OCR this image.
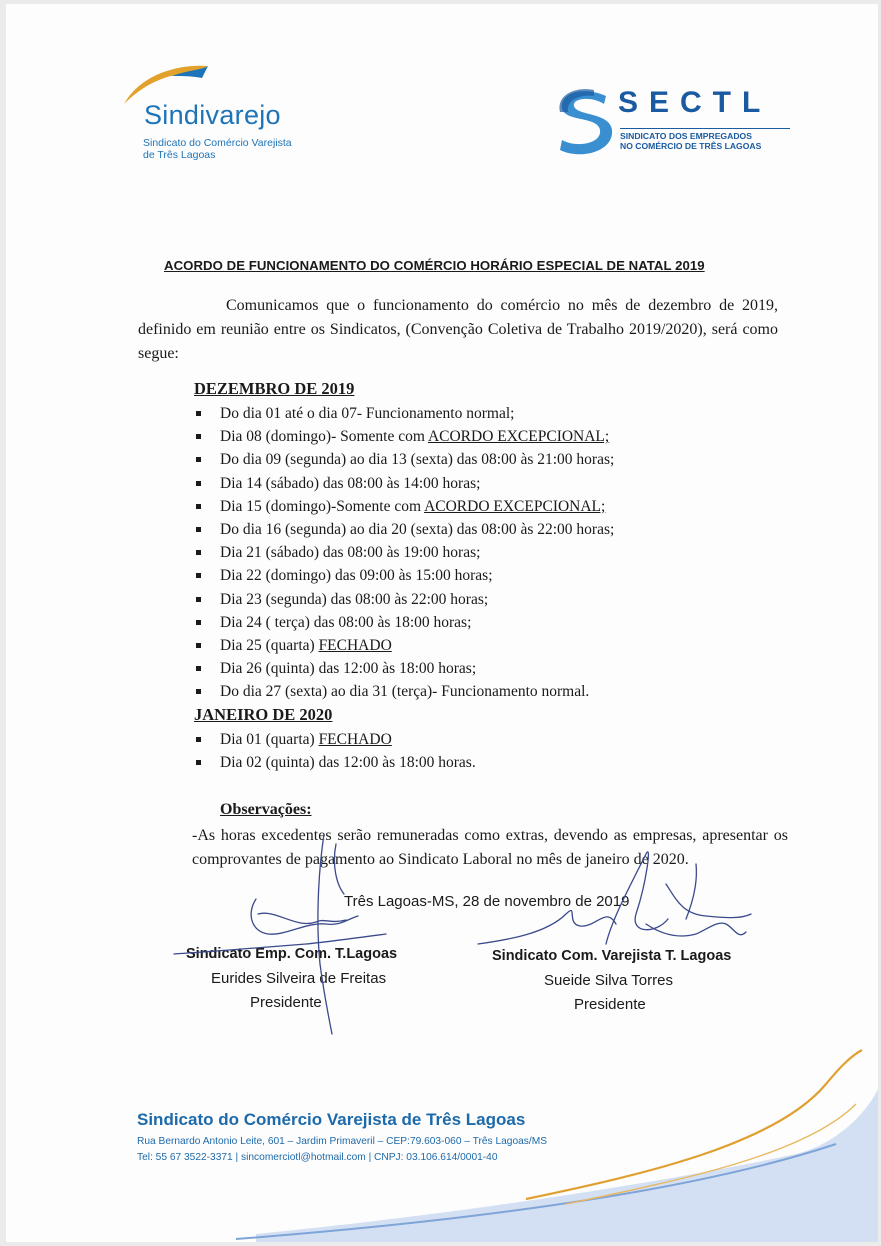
Sindivarejo
Sindicato do Comércio Varejista
de Três Lagoas
SECTL
SINDICATO DOS EMPREGADOS
NO COMÉRCIO DE TRÊS LAGOAS
ACORDO DE FUNCIONAMENTO DO COMÉRCIO HORÁRIO ESPECIAL DE NATAL 2019
Comunicamos que o funcionamento do comércio no mês de dezembro de 2019, definido em reunião entre os Sindicatos, (Convenção Coletiva de Trabalho 2019/2020), será como segue:
DEZEMBRO DE 2019
Do dia 01 até o dia 07- Funcionamento normal;
Dia 08 (domingo)- Somente com ACORDO EXCEPCIONAL;
Do dia 09 (segunda) ao dia 13 (sexta) das 08:00 às 21:00 horas;
Dia 14 (sábado) das 08:00 às 14:00 horas;
Dia 15 (domingo)-Somente com ACORDO EXCEPCIONAL;
Do dia 16 (segunda) ao dia 20 (sexta) das 08:00 às 22:00 horas;
Dia 21 (sábado) das 08:00 às 19:00 horas;
Dia 22 (domingo) das 09:00 às 15:00 horas;
Dia 23 (segunda) das 08:00 às 22:00 horas;
Dia 24 ( terça) das 08:00 às 18:00 horas;
Dia 25 (quarta) FECHADO
Dia 26 (quinta) das 12:00 às 18:00 horas;
Do dia 27 (sexta) ao dia 31 (terça)- Funcionamento normal.
JANEIRO DE 2020
Dia 01 (quarta) FECHADO
Dia 02 (quinta) das 12:00 às 18:00 horas.
Observações:
-As horas excedentes serão remuneradas como extras, devendo as empresas, apresentar os comprovantes de pagamento ao Sindicato Laboral no mês de janeiro de 2020.
Três Lagoas-MS, 28 de novembro de 2019
Sindicato Emp. Com. T.Lagoas
Eurides Silveira de Freitas
Presidente
Sindicato Com. Varejista T. Lagoas
Sueide Silva Torres
Presidente
Sindicato do Comércio Varejista de Três Lagoas
Rua Bernardo Antonio Leite, 601 – Jardim Primaveril – CEP:79.603-060 – Três Lagoas/MS
Tel: 55 67 3522-3371 | sincomerciotl@hotmail.com | CNPJ: 03.106.614/0001-40
